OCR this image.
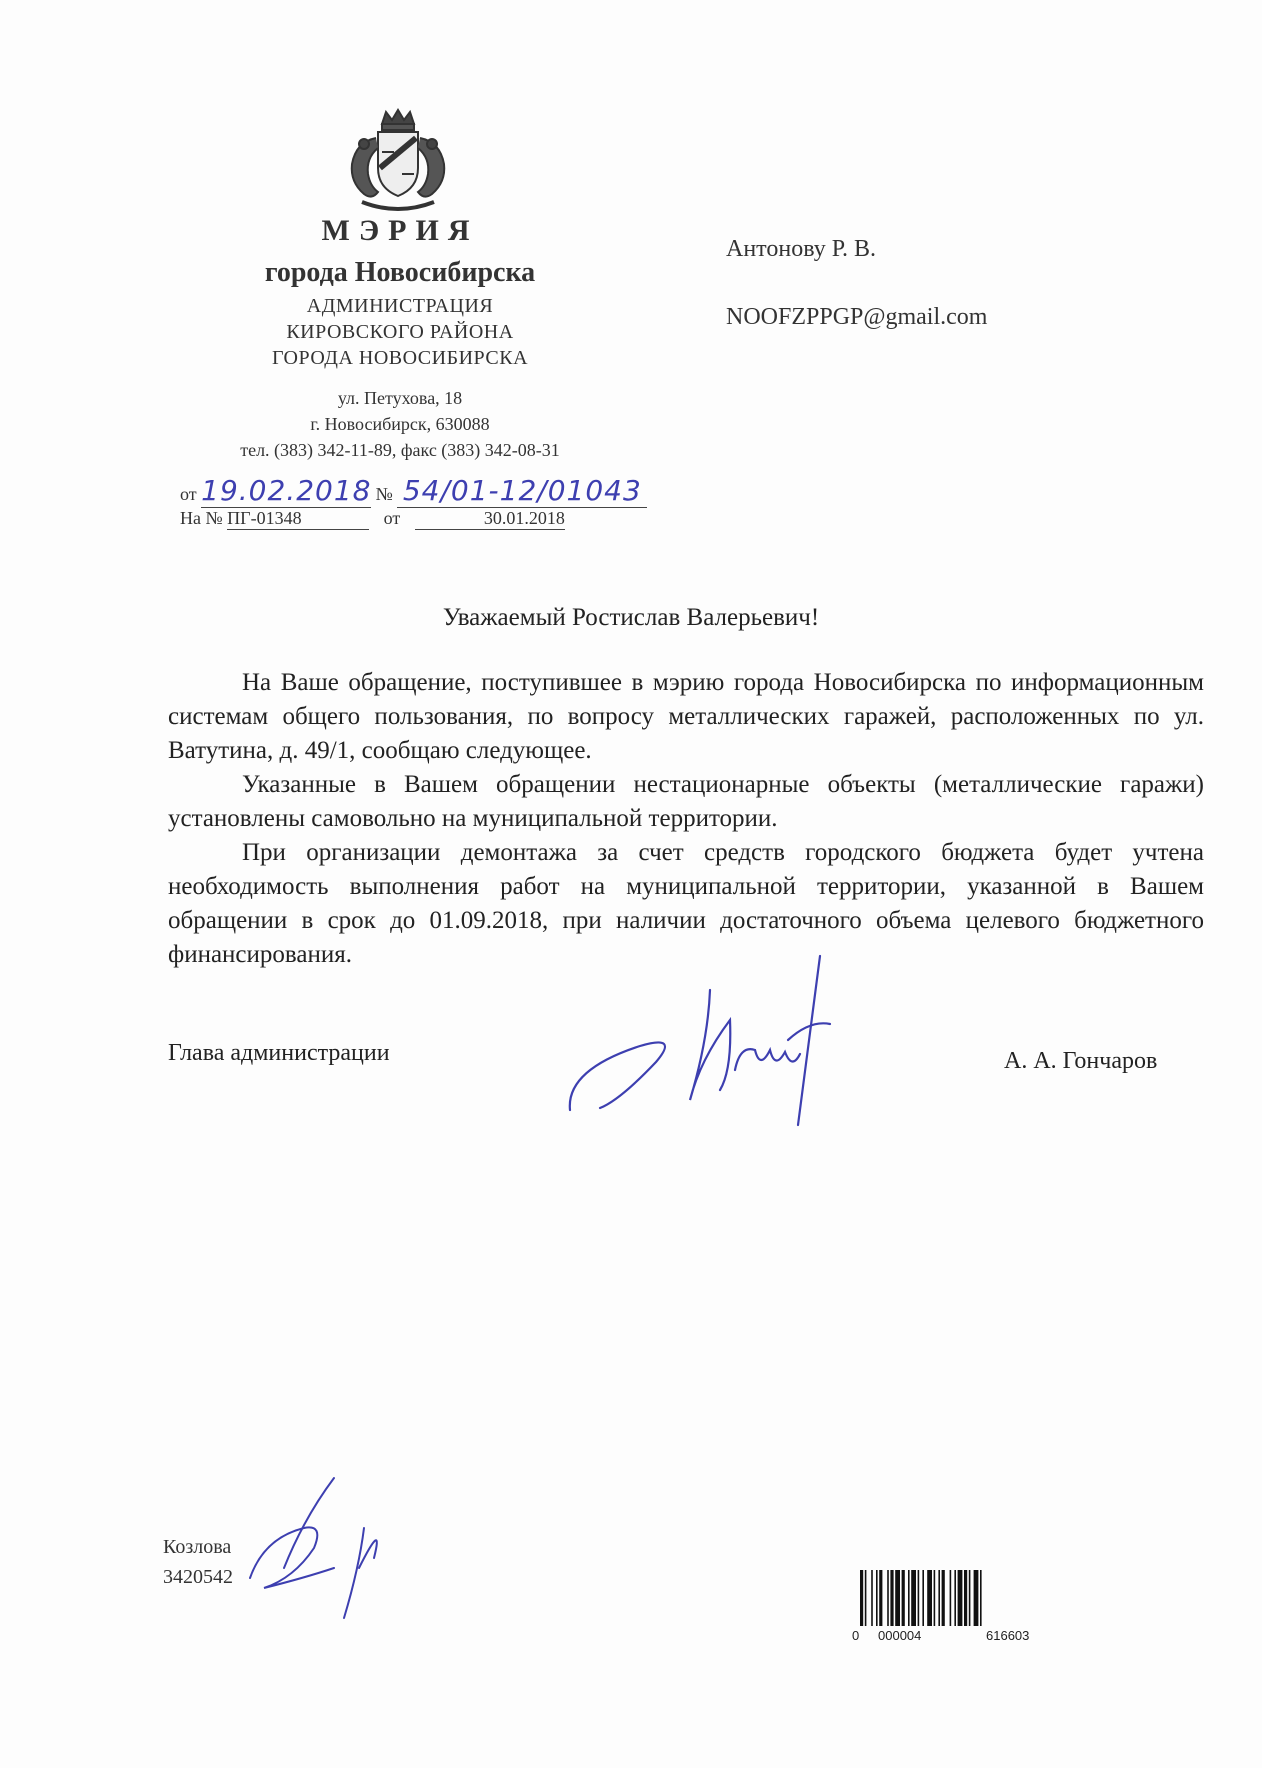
МЭРИЯ
города Новосибирска
АДМИНИСТРАЦИЯ
КИРОВСКОГО РАЙОНА
ГОРОДА НОВОСИБИРСКА
ул. Петухова, 18
г. Новосибирск, 630088
тел. (383) 342-11-89, факс (383) 342-08-31
от 19.02.2018 № 54/01-12/01043
На № ПГ-01348	от	30.01.2018
Антонову Р. В.
NOOFZPPGP@gmail.com
Уважаемый Ростислав Валерьевич!

На Ваше обращение, поступившее в мэрию города Новосибирска по информационным системам общего пользования, по вопросу металлических гаражей, расположенных по ул. Ватутина, д. 49/1, сообщаю следующее.

Указанные в Вашем обращении нестационарные объекты (металлические гаражи) установлены самовольно на муниципальной территории.

При организации демонтажа за счет средств городского бюджета будет учтена необходимость выполнения работ на муниципальной территории, указанной в Вашем обращении в срок до 01.09.2018, при наличии достаточного объема целевого бюджетного финансирования.

Глава администрации	А. А. Гончаров
Козлова
3420542
0 000004	616603
